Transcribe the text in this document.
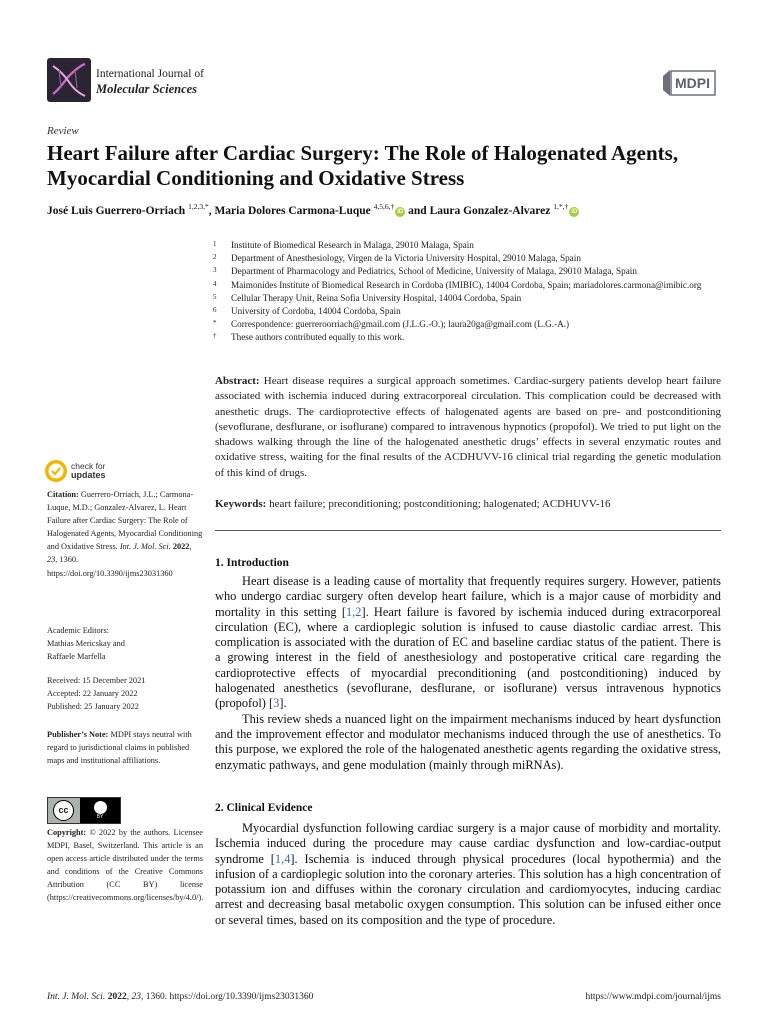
International Journal of
Molecular Sciences	MDPI
Review
Heart Failure after Cardiac Surgery: The Role of Halogenated Agents, Myocardial Conditioning and Oxidative Stress
José Luis Guerrero-Orriach $^{1,2,3,*}$, Maria Dolores Carmona-Luque $^{4,5,6,\dagger}$iD and Laura Gonzalez-Alvarez $^{1,*,\dagger}$iD
1	Institute of Biomedical Research in Malaga, 29010 Malaga, Spain
2	Department of Anesthesiology, Virgen de la Victoria University Hospital, 29010 Malaga, Spain
3	Department of Pharmacology and Pediatrics, School of Medicine, University of Malaga, 29010 Malaga, Spain
4	Maimonides Institute of Biomedical Research in Cordoba (IMIBIC), 14004 Cordoba, Spain; mariadolores.carmona@imibic.org
5	Cellular Therapy Unit, Reina Sofia University Hospital, 14004 Cordoba, Spain
6	University of Cordoba, 14004 Cordoba, Spain
*	Correspondence: guerreroorriach@gmail.com (J.L.G.-O.); laura20ga@gmail.com (L.G.-A.)
†	These authors contributed equally to this work.
Abstract: Heart disease requires a surgical approach sometimes. Cardiac-surgery patients develop heart failure associated with ischemia induced during extracorporeal circulation. This complication could be decreased with anesthetic drugs. The cardioprotective effects of halogenated agents are based on pre- and postconditioning (sevoflurane, desflurane, or isoflurane) compared to intravenous hypnotics (propofol). We tried to put light on the shadows walking through the line of the halogenated anesthetic drugs’ effects in several enzymatic routes and oxidative stress, waiting for the final results of the ACDHUVV-16 clinical trial regarding the genetic modulation of this kind of drugs.
Keywords: heart failure; preconditioning; postconditioning; halogenated; ACDHUVV-16
check for
updates
Citation: Guerrero-Orriach, J.L.; Carmona-Luque, M.D.; Gonzalez-Alvarez, L. Heart Failure after Cardiac Surgery: The Role of Halogenated Agents, Myocardial Conditioning and Oxidative Stress. Int. J. Mol. Sci. 2022, 23, 1360. https://doi.org/10.3390/ijms23031360
Academic Editors:
Mathias Mericskay and Raffaele Marfella
Received: 15 December 2021
Accepted: 22 January 2022
Published: 25 January 2022
Publisher’s Note: MDPI stays neutral with regard to jurisdictional claims in published maps and institutional affiliations.
cc
BY
Copyright: © 2022 by the authors. Licensee MDPI, Basel, Switzerland. This article is an open access article distributed under the terms and conditions of the Creative Commons Attribution (CC BY) license (https://creativecommons.org/licenses/by/4.0/).
1. Introduction

Heart disease is a leading cause of mortality that frequently requires surgery. However, patients who undergo cardiac surgery often develop heart failure, which is a major cause of morbidity and mortality in this setting [1,2]. Heart failure is favored by ischemia induced during extracorporeal circulation (EC), where a cardioplegic solution is infused to cause diastolic cardiac arrest. This complication is associated with the duration of EC and baseline cardiac status of the patient. There is a growing interest in the field of anesthesiology and postoperative critical care regarding the cardioprotective effects of myocardial preconditioning (and postconditioning) induced by halogenated anesthetics (sevoflurane, desflurane, or isoflurane) versus intravenous hypnotics (propofol) [3].

This review sheds a nuanced light on the impairment mechanisms induced by heart dysfunction and the improvement effector and modulator mechanisms induced through the use of anesthetics. To this purpose, we explored the role of the halogenated anesthetic agents regarding the oxidative stress, enzymatic pathways, and gene modulation (mainly through miRNAs).

2. Clinical Evidence

Myocardial dysfunction following cardiac surgery is a major cause of morbidity and mortality. Ischemia induced during the procedure may cause cardiac dysfunction and low-cardiac-output syndrome [1,4]. Ischemia is induced through physical procedures (local hypothermia) and the infusion of a cardioplegic solution into the coronary arteries. This solution has a high concentration of potassium ion and diffuses within the coronary circulation and cardiomyocytes, inducing cardiac arrest and decreasing basal metabolic oxygen consumption. This solution can be infused either once or several times, based on its composition and the type of procedure.

Int. J. Mol. Sci. 2022, 23, 1360. https://doi.org/10.3390/ijms23031360	https://www.mdpi.com/journal/ijms
